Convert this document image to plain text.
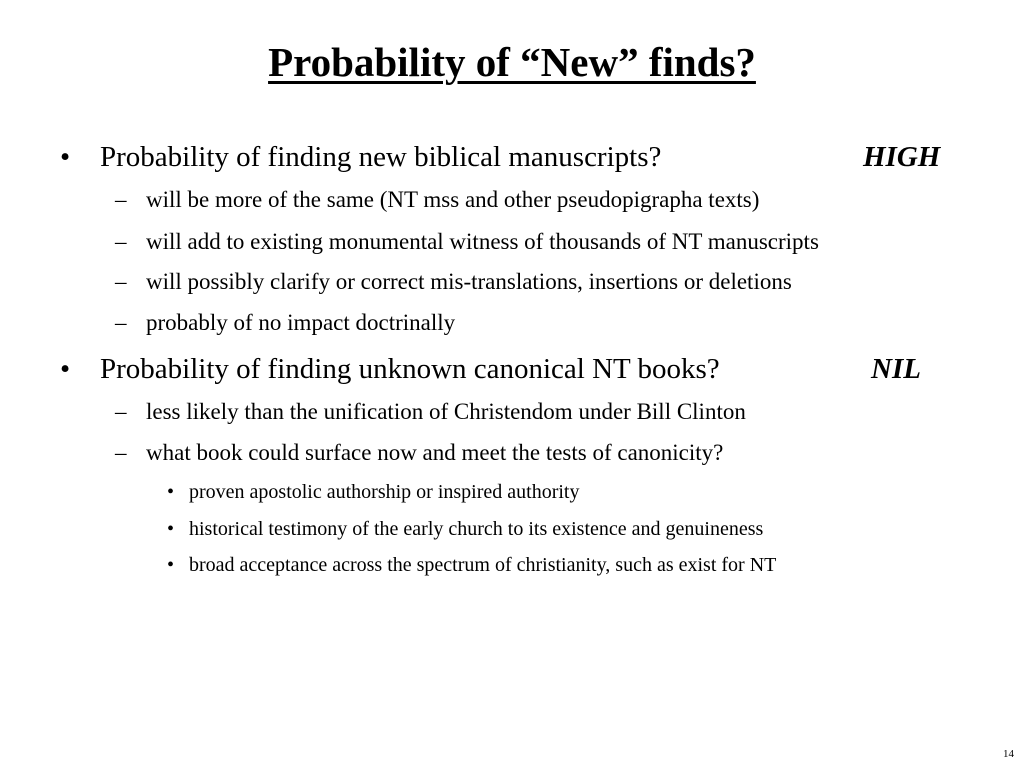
Probability of “New” finds?
• Probability of finding new biblical manuscripts?	HIGH
– will be more of the same (NT mss and other pseudopigrapha texts)
– will add to existing monumental witness of thousands of NT manuscripts
– will possibly clarify or correct mis-translations, insertions or deletions
– probably of no impact doctrinally
• Probability of finding unknown canonical NT books?	NIL
– less likely than the unification of Christendom under Bill Clinton
– what book could surface now and meet the tests of canonicity?
• proven apostolic authorship or inspired authority
• historical testimony of the early church to its existence and genuineness
• broad acceptance across the spectrum of christianity, such as exist for NT
14
